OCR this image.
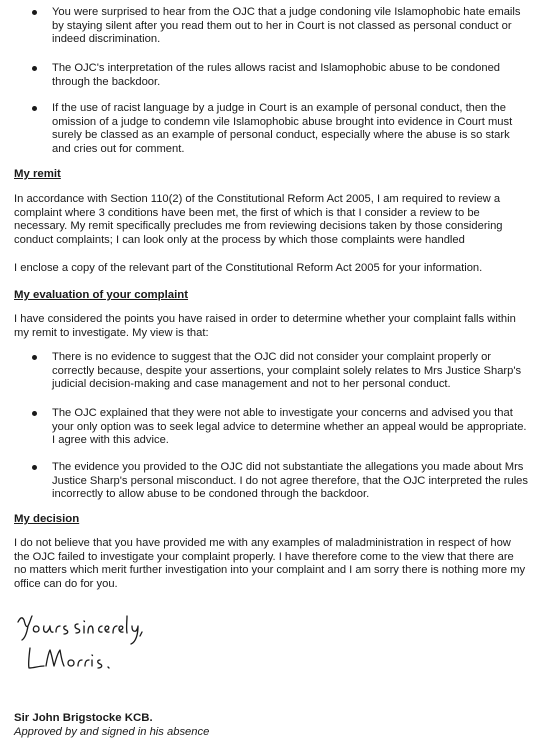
You were surprised to hear from the OJC that a judge condoning vile Islamophobic hate emails by staying silent after you read them out to her in Court is not classed as personal conduct or indeed discrimination.
The OJC's interpretation of the rules allows racist and Islamophobic abuse to be condoned through the backdoor.
If the use of racist language by a judge in Court is an example of personal conduct, then the omission of a judge to condemn vile Islamophobic abuse brought into evidence in Court must surely be classed as an example of personal conduct, especially where the abuse is so stark and cries out for comment.
My remit
In accordance with Section 110(2) of the Constitutional Reform Act 2005, I am required to review a complaint where 3 conditions have been met, the first of which is that I consider a review to be necessary. My remit specifically precludes me from reviewing decisions taken by those considering conduct complaints; I can look only at the process by which those complaints were handled
I enclose a copy of the relevant part of the Constitutional Reform Act 2005 for your information.
My evaluation of your complaint
I have considered the points you have raised in order to determine whether your complaint falls within my remit to investigate. My view is that:
There is no evidence to suggest that the OJC did not consider your complaint properly or correctly because, despite your assertions, your complaint solely relates to Mrs Justice Sharp's judicial decision-making and case management and not to her personal conduct.
The OJC explained that they were not able to investigate your concerns and advised you that your only option was to seek legal advice to determine whether an appeal would be appropriate. I agree with this advice.
The evidence you provided to the OJC did not substantiate the allegations you made about Mrs Justice Sharp's personal misconduct. I do not agree therefore, that the OJC interpreted the rules incorrectly to allow abuse to be condoned through the backdoor.
My decision
I do not believe that you have provided me with any examples of maladministration in respect of how the OJC failed to investigate your complaint properly. I have therefore come to the view that there are no matters which merit further investigation into your complaint and I am sorry there is nothing more my office can do for you.
Sir John Brigstocke KCB.
Approved by and signed in his absence
